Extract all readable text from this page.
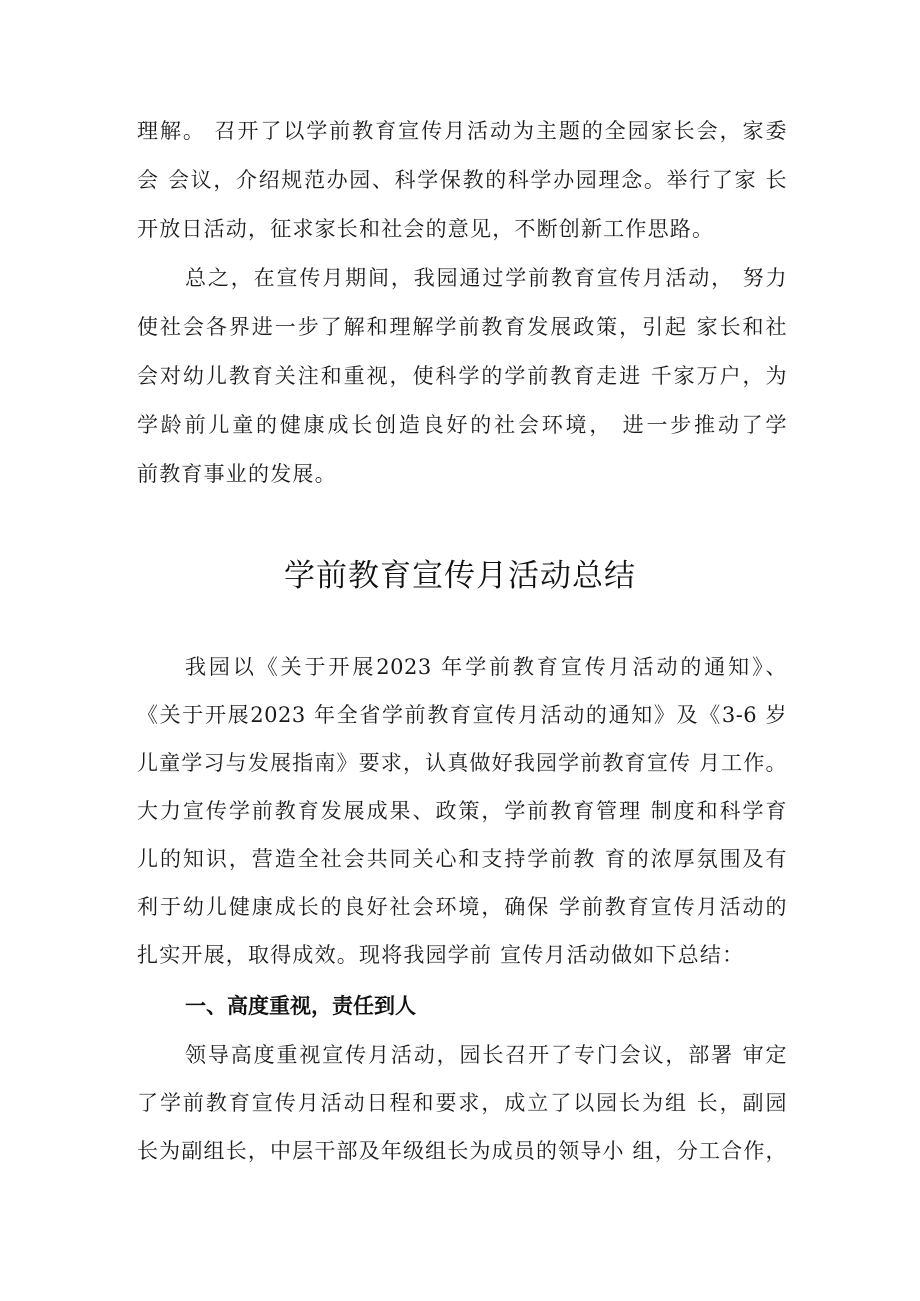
理解。 召开了以学前教育宣传月活动为主题的全园家长会，家委
会 会议，介绍规范办园、科学保教的科学办园理念。举行了家 长
开放日活动，征求家长和社会的意见，不断创新工作思路。
总之，在宣传月期间，我园通过学前教育宣传月活动， 努力
使社会各界进一步了解和理解学前教育发展政策，引起 家长和社
会对幼儿教育关注和重视，使科学的学前教育走进 千家万户，为
学龄前儿童的健康成长创造良好的社会环境， 进一步推动了学
前教育事业的发展。
学前教育宣传月活动总结
我园以《关于开展2023 年学前教育宣传月活动的通知》、
《关于开展2023 年全省学前教育宣传月活动的通知》及《3-6 岁
儿童学习与发展指南》要求，认真做好我园学前教育宣传 月工作。
大力宣传学前教育发展成果、政策，学前教育管理 制度和科学育
儿的知识，营造全社会共同关心和支持学前教 育的浓厚氛围及有
利于幼儿健康成长的良好社会环境，确保 学前教育宣传月活动的
扎实开展，取得成效。现将我园学前 宣传月活动做如下总结：
一、高度重视，责任到人
领导高度重视宣传月活动，园长召开了专门会议，部署 审定
了学前教育宣传月活动日程和要求，成立了以园长为组 长，副园
长为副组长，中层干部及年级组长为成员的领导小 组，分工合作，
